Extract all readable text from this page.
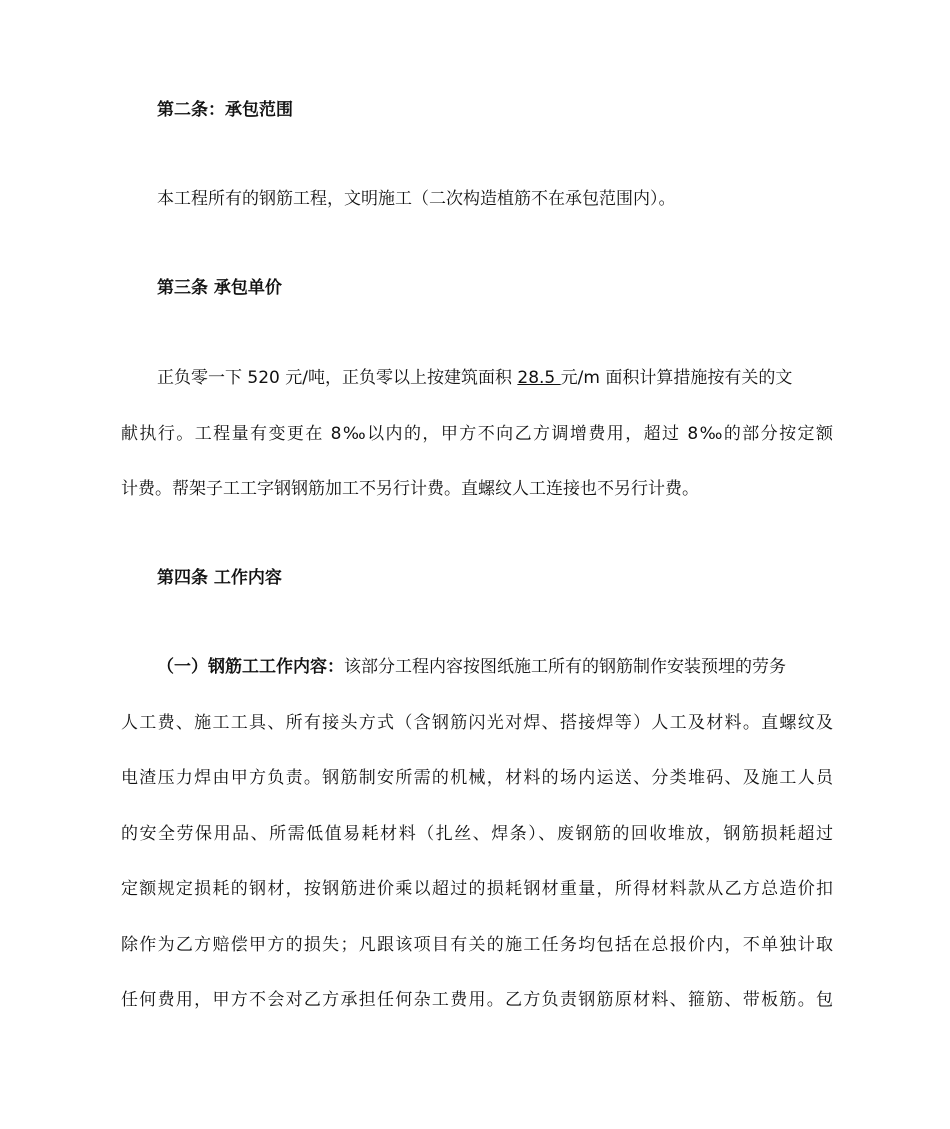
第二条：承包范围
本工程所有的钢筋工程，文明施工（二次构造植筋不在承包范围内）。
第三条 承包单价
正负零一下 520 元/吨，正负零以上按建筑面积 28.5 元/m 面积计算措施按有关的文
献执行。工程量有变更在 8‰以内的，甲方不向乙方调增费用，超过 8‰的部分按定额
计费。帮架子工工字钢钢筋加工不另行计费。直螺纹人工连接也不另行计费。
第四条 工作内容
（一）钢筋工工作内容：该部分工程内容按图纸施工所有的钢筋制作安装预埋的劳务
人工费、施工工具、所有接头方式（含钢筋闪光对焊、搭接焊等）人工及材料。直螺纹及
电渣压力焊由甲方负责。钢筋制安所需的机械，材料的场内运送、分类堆码、及施工人员
的安全劳保用品、所需低值易耗材料（扎丝、焊条）、废钢筋的回收堆放，钢筋损耗超过
定额规定损耗的钢材，按钢筋进价乘以超过的损耗钢材重量，所得材料款从乙方总造价扣
除作为乙方赔偿甲方的损失；凡跟该项目有关的施工任务均包括在总报价内，不单独计取
任何费用，甲方不会对乙方承担任何杂工费用。乙方负责钢筋原材料、箍筋、带板筋。包
